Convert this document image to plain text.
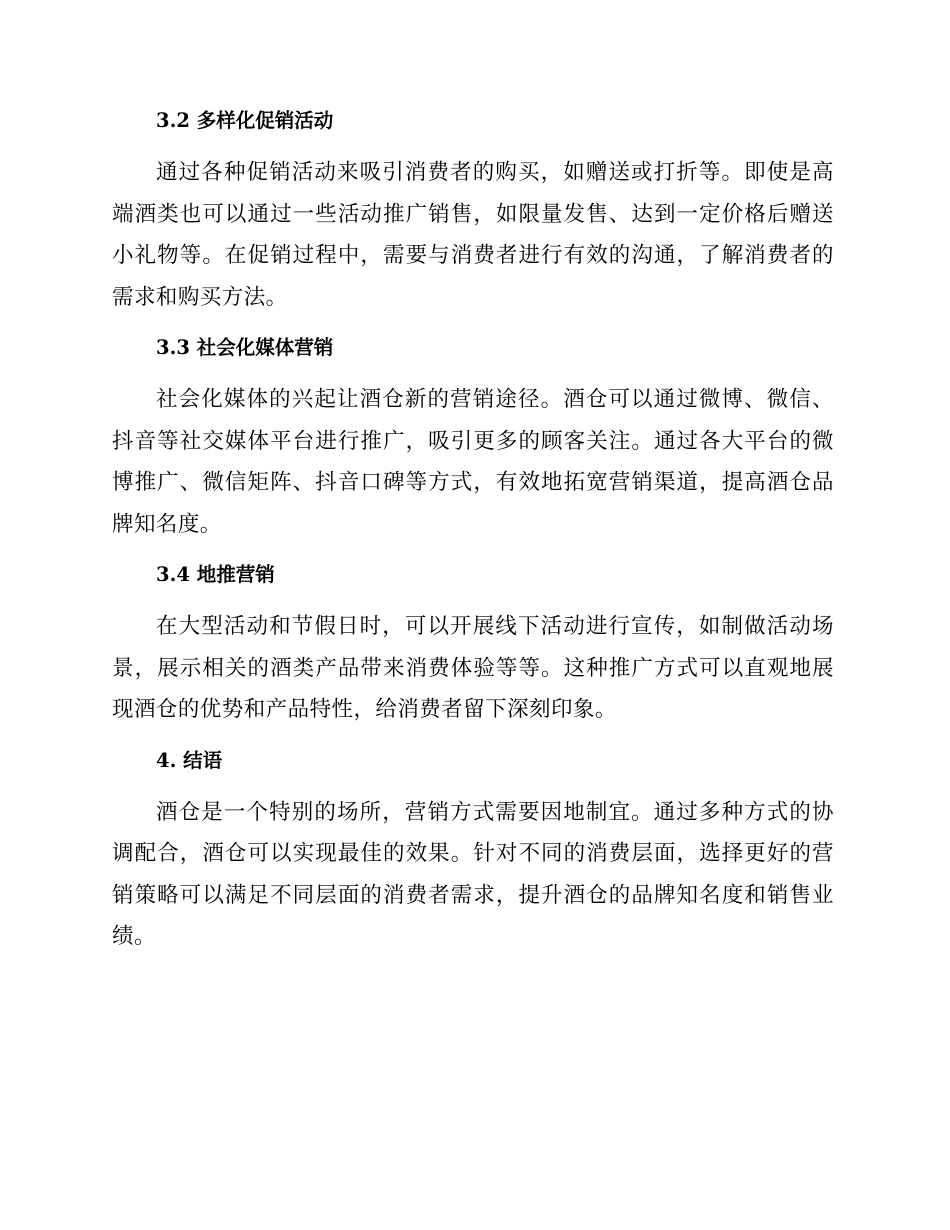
3.2 多样化促销活动

通过各种促销活动来吸引消费者的购买，如赠送或打折等。即使是高端酒类也可以通过一些活动推广销售，如限量发售、达到一定价格后赠送小礼物等。在促销过程中，需要与消费者进行有效的沟通，了解消费者的需求和购买方法。

3.3 社会化媒体营销

社会化媒体的兴起让酒仓新的营销途径。酒仓可以通过微博、微信、抖音等社交媒体平台进行推广，吸引更多的顾客关注。通过各大平台的微博推广、微信矩阵、抖音口碑等方式，有效地拓宽营销渠道，提高酒仓品牌知名度。

3.4 地推营销

在大型活动和节假日时，可以开展线下活动进行宣传，如制做活动场景，展示相关的酒类产品带来消费体验等等。这种推广方式可以直观地展现酒仓的优势和产品特性，给消费者留下深刻印象。

4. 结语

酒仓是一个特别的场所，营销方式需要因地制宜。通过多种方式的协调配合，酒仓可以实现最佳的效果。针对不同的消费层面，选择更好的营销策略可以满足不同层面的消费者需求，提升酒仓的品牌知名度和销售业绩。
